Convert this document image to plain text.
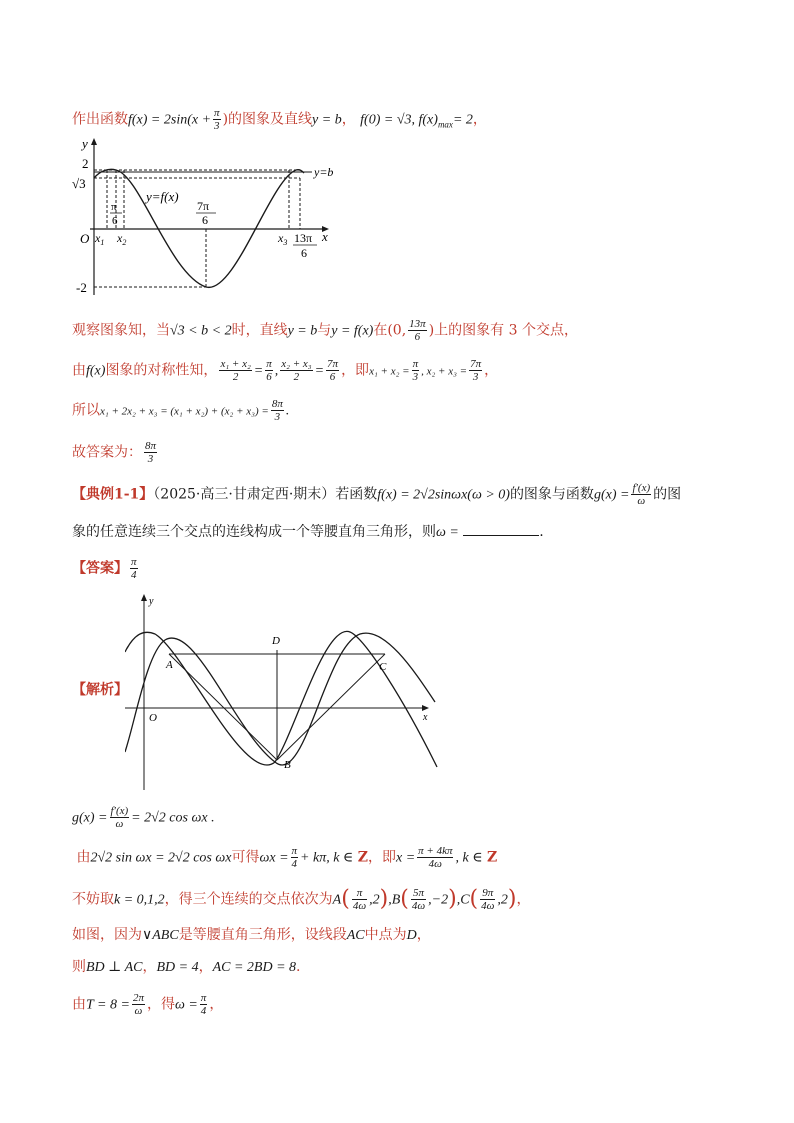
作出函数$f(x) = 2\sin(x + \frac{\pi}{3}$ )的图象及直线y = b， f(0) = √3, $f(x)_{max}= 2$，
y
x
O
2
√3
-2
y=b
y=f(x)
$x_1$ $x_2$	$x_3$
π
6
7π
6
13π
6
观察图象知，当√3 < b < 2时，直线y = b与y = f(x)在(0, $\frac{13\pi}{6}$ )上的图象有 3 个交点，
由f(x)图象的对称性知， $\frac{\text{x₁ + x₂}}{2} = \frac{\pi}{6}$ , $\frac{\text{x₂ + x₃}}{2} = \frac{7\pi}{6}$ ，即$x_1 + x_2 = \frac{\pi}{3}$ , $x_2 + x_3 = \frac{7\pi}{3}$ ，
所以$x_1 + 2x_2 + x_3 = (x_1 + x_2) + (x_2 + x_3) = \frac{8\pi}{3}$ .
故答案为： $\frac{8\pi}{3}$
【典例1-1】（2025·高三·甘肃定西·期末）若函数f(x) = 2√2sinωx(ω > 0)的图象与函数$g(x) = \frac{f'(x)}{\omega}$ 的图
象的任意连续三个交点的连线构成一个等腰直角三角形，则ω =	.
【答案】 $\frac{\pi}{4}$
【解析】
y
x
O
A
B
C
D
$g(x) = \frac{f'(x)}{\omega} = 2√2$ cos ωx .
由2√2 sin ωx = 2√2 cos ωx可得$\omega x = \frac{\pi}{4} + k\pi$, k ∈ Z，即$x = \frac{\pi + 4k\pi}{4\omega}$ , k ∈ Z
不妨取k = 0,1,2，得三个连续的交点依次为$A( \frac{\pi}{4\omega} ,2),B( \frac{5\pi}{4\omega} ,-2),C( \frac{9\pi}{4\omega} ,2)$，
如图，因为∨ABC是等腰直角三角形，设线段AC中点为D，
则BD ⊥ AC，BD = 4，AC = 2BD = 8.
由$T = 8 = \frac{2\pi}{\omega}$ ，得$\omega = \frac{\pi}{4}$ ，
